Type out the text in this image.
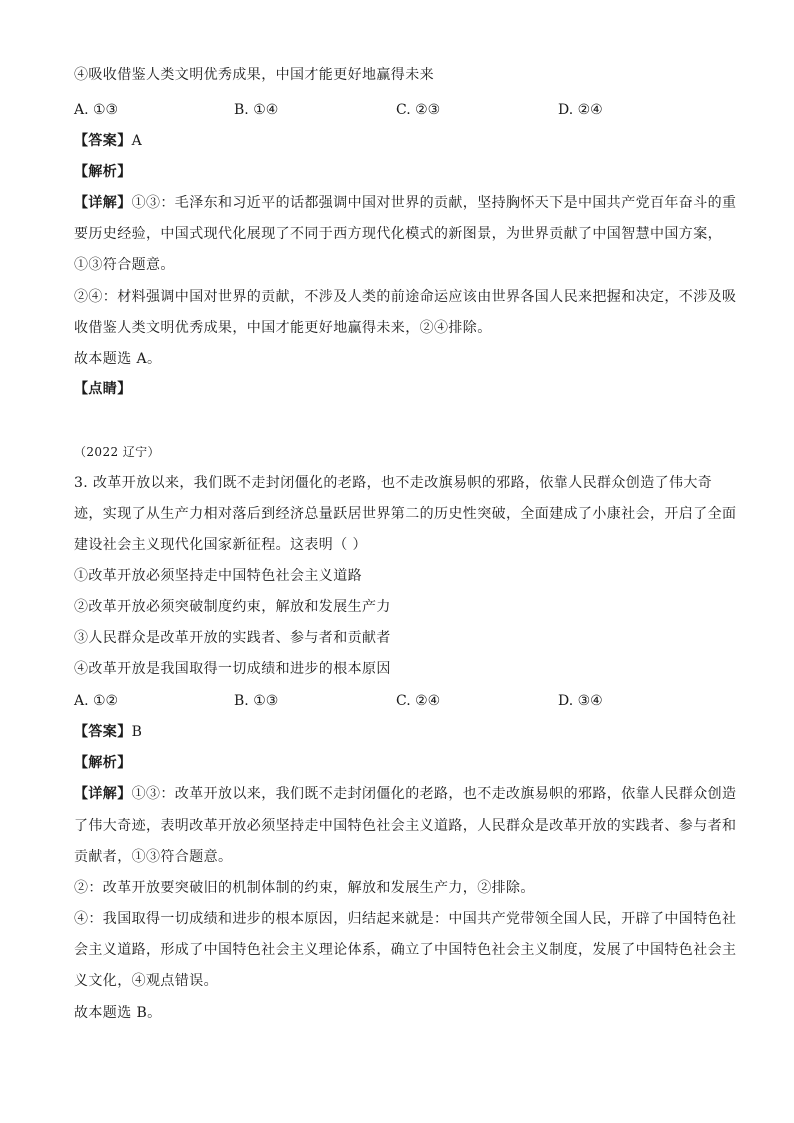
④吸收借鉴人类文明优秀成果，中国才能更好地赢得未来
A. ①③	B. ①④	C. ②③	D. ②④
【答案】A
【解析】
【详解】①③：毛泽东和习近平的话都强调中国对世界的贡献，坚持胸怀天下是中国共产党百年奋斗的重
要历史经验，中国式现代化展现了不同于西方现代化模式的新图景，为世界贡献了中国智慧中国方案，
①③符合题意。
②④：材料强调中国对世界的贡献，不涉及人类的前途命运应该由世界各国人民来把握和决定，不涉及吸
收借鉴人类文明优秀成果，中国才能更好地赢得未来，②④排除。
故本题选 A。
【点睛】
（2022 辽宁）
3. 改革开放以来，我们既不走封闭僵化的老路，也不走改旗易帜的邪路，依靠人民群众创造了伟大奇
迹，实现了从生产力相对落后到经济总量跃居世界第二的历史性突破，全面建成了小康社会，开启了全面
建设社会主义现代化国家新征程。这表明（ ）
①改革开放必须坚持走中国特色社会主义道路
②改革开放必须突破制度约束，解放和发展生产力
③人民群众是改革开放的实践者、参与者和贡献者
④改革开放是我国取得一切成绩和进步的根本原因
A. ①②	B. ①③	C. ②④	D. ③④
【答案】B
【解析】
【详解】①③：改革开放以来，我们既不走封闭僵化的老路，也不走改旗易帜的邪路，依靠人民群众创造
了伟大奇迹，表明改革开放必须坚持走中国特色社会主义道路，人民群众是改革开放的实践者、参与者和
贡献者，①③符合题意。
②：改革开放要突破旧的机制体制的约束，解放和发展生产力，②排除。
④：我国取得一切成绩和进步的根本原因，归结起来就是：中国共产党带领全国人民，开辟了中国特色社
会主义道路，形成了中国特色社会主义理论体系，确立了中国特色社会主义制度，发展了中国特色社会主
义文化，④观点错误。
故本题选 B。
